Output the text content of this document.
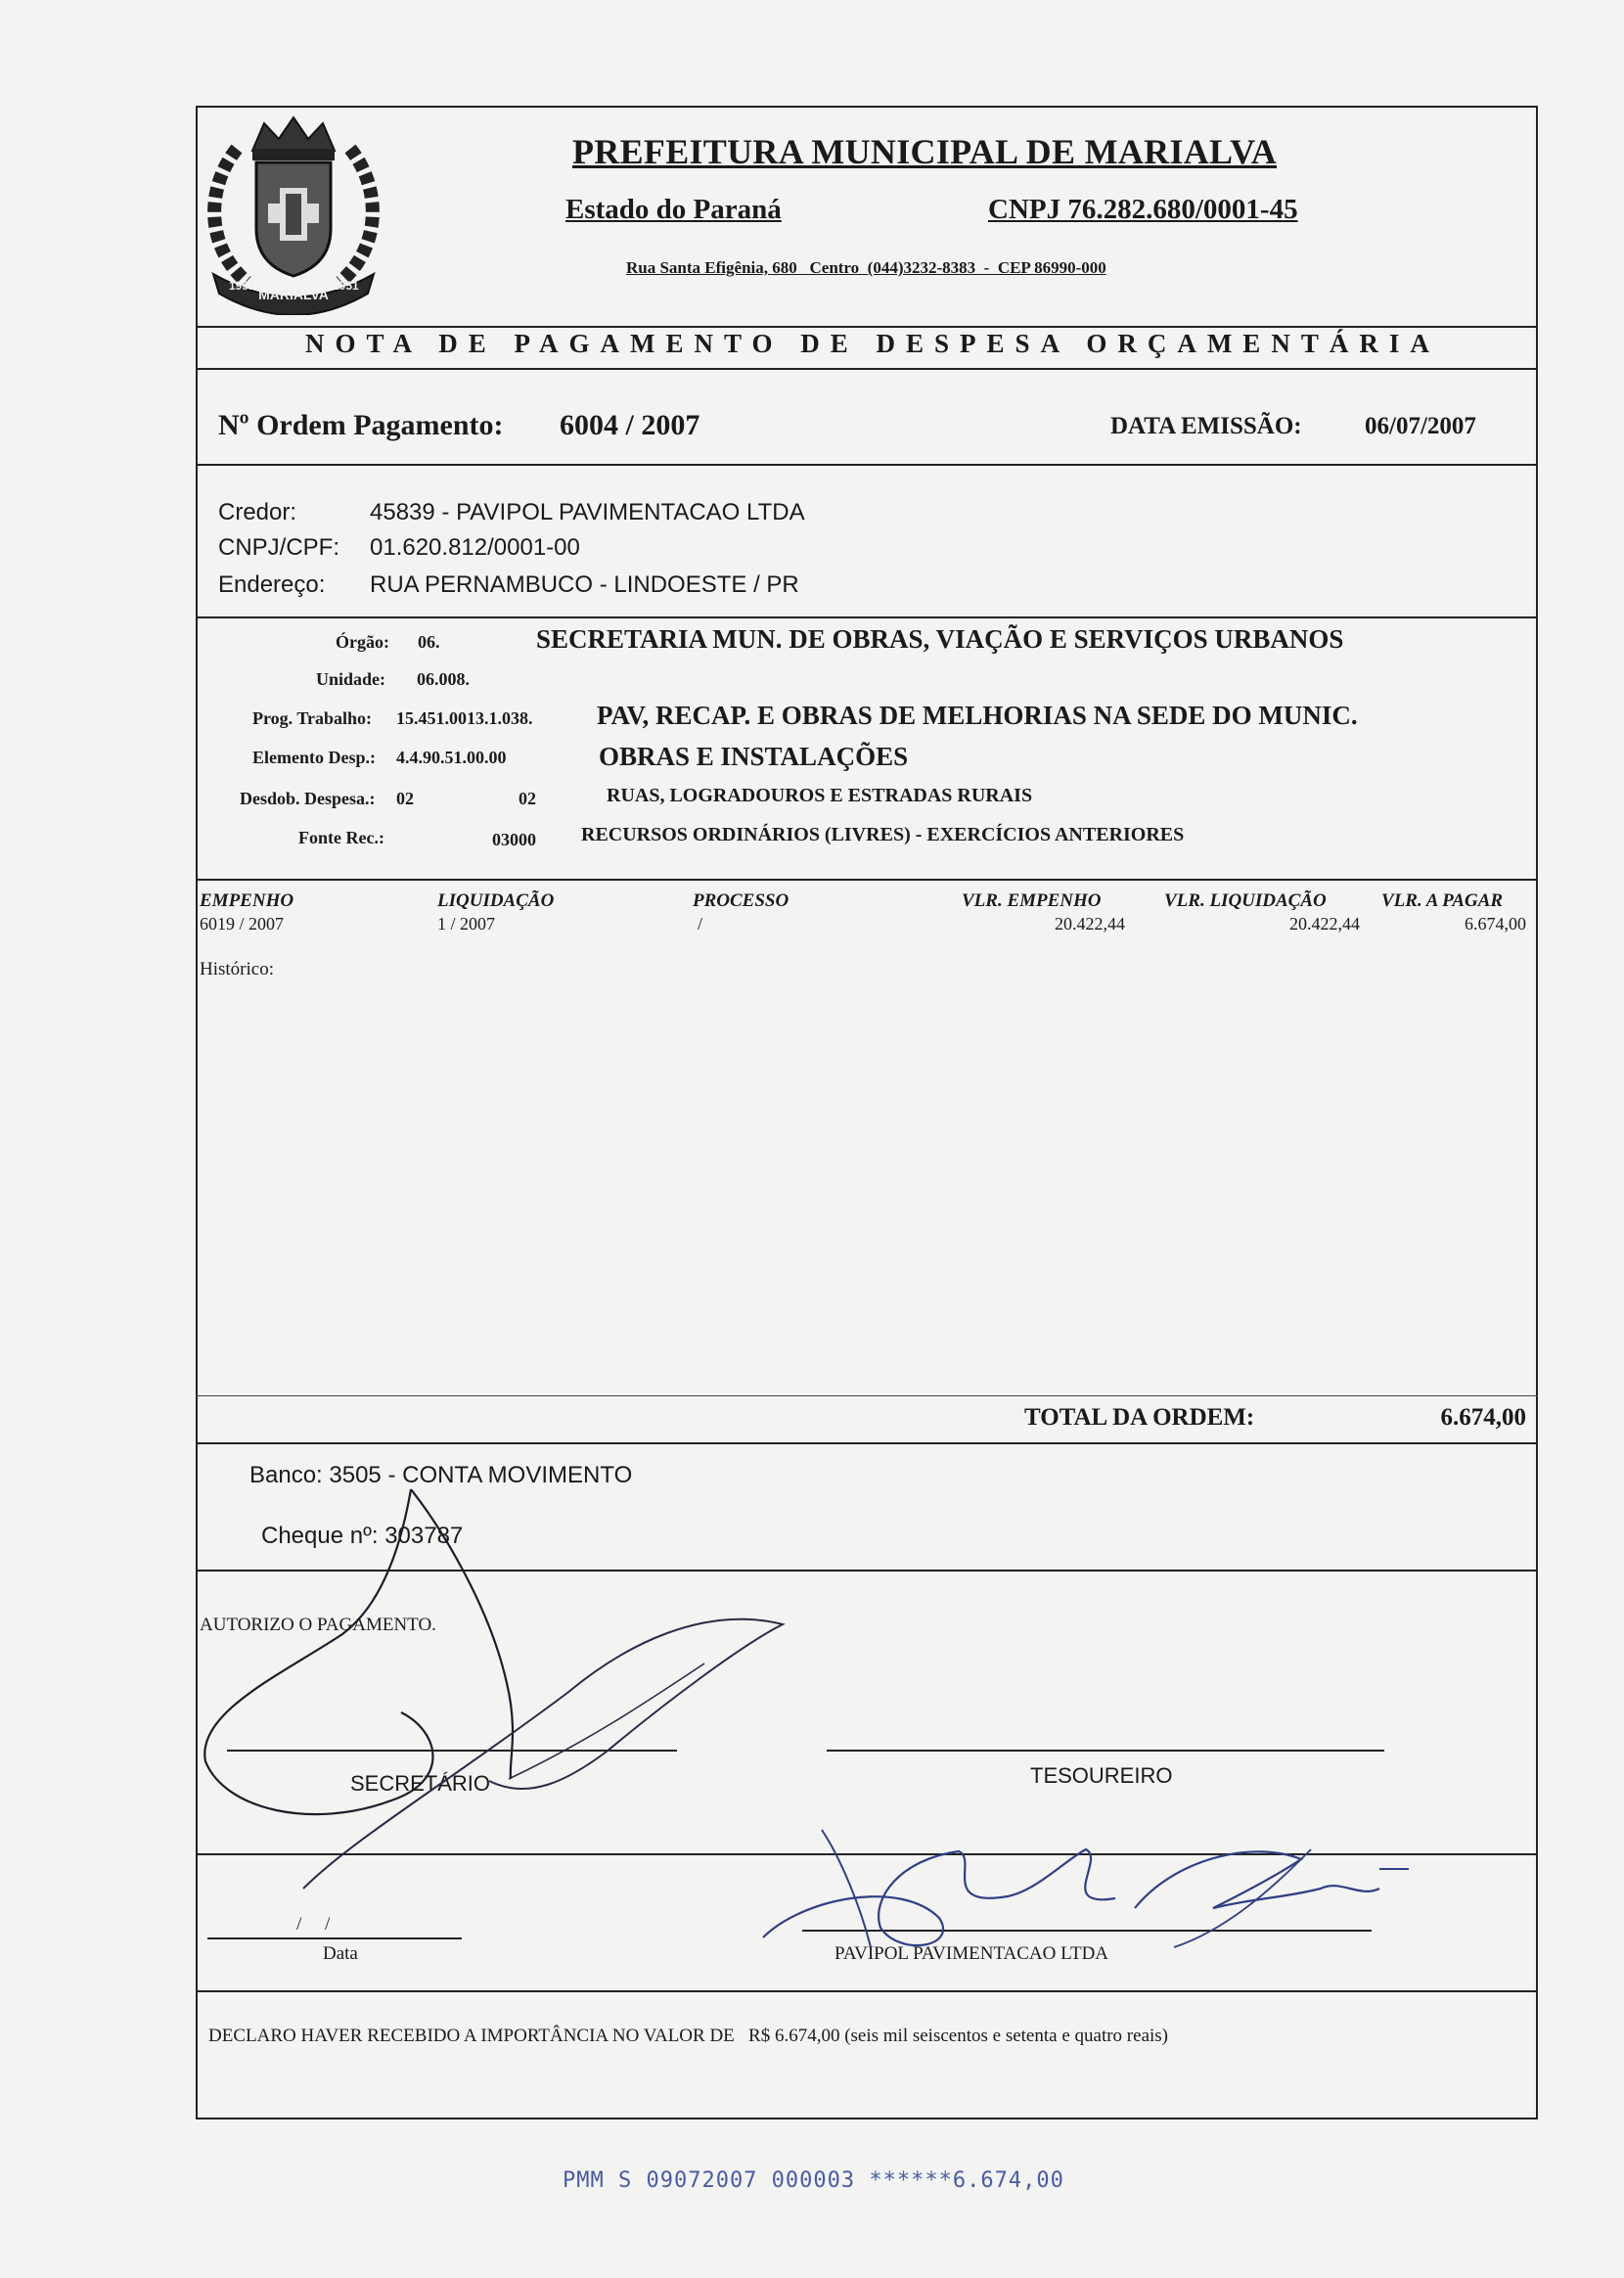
MARIALVA
1951	1951
PREFEITURA MUNICIPAL DE MARIALVA
Estado do Paraná	CNPJ 76.282.680/0001-45
Rua Santa Efigênia, 680   Centro  (044)3232-8383  -  CEP 86990-000
NOTA DE PAGAMENTO DE DESPESA ORÇAMENTÁRIA
Nº Ordem Pagamento: 6004 / 2007	DATA EMISSÃO:	06/07/2007
Credor:	45839 - PAVIPOL PAVIMENTACAO LTDA
CNPJ/CPF: 01.620.812/0001-00
Endereço: RUA PERNAMBUCO - LINDOESTE / PR
Órgão: 06.	SECRETARIA MUN. DE OBRAS, VIAÇÃO E SERVIÇOS URBANOS
Unidade: 06.008.
Prog. Trabalho: 15.451.0013.1.038. PAV, RECAP. E OBRAS DE MELHORIAS NA SEDE DO MUNIC.
Elemento Desp.: 4.4.90.51.00.00	OBRAS E INSTALAÇÕES
Desdob. Despesa.: 02	02	RUAS, LOGRADOUROS E ESTRADAS RURAIS
Fonte Rec.:	03000 RECURSOS ORDINÁRIOS (LIVRES) - EXERCÍCIOS ANTERIORES
EMPENHO	LIQUIDAÇÃO	PROCESSO	VLR. EMPENHO	VLR. LIQUIDAÇÃO	VLR. A PAGAR
6019 / 2007	1 / 2007	/	20.422,44	20.422,44	6.674,00
Histórico:
TOTAL DA ORDEM:	6.674,00
Banco: 3505 - CONTA MOVIMENTO
Cheque nº: 303787
AUTORIZO O PAGAMENTO.
SECRETÁRIO	TESOUREIRO
/     /
Data	PAVIPOL PAVIMENTACAO LTDA
DECLARO HAVER RECEBIDO A IMPORTÂNCIA NO VALOR DE   R$ 6.674,00 (seis mil seiscentos e setenta e quatro reais)
PMM S 09072007 000003 ******6.674,00
